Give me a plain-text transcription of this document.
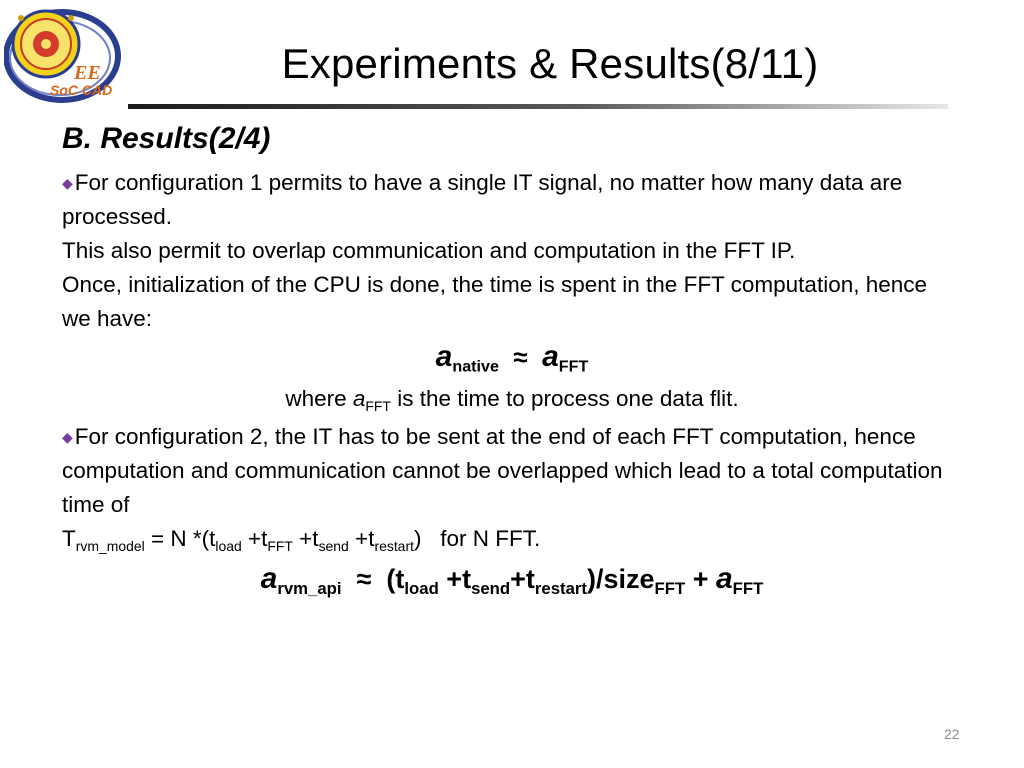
EE
SoC CAD
Experiments & Results(8/11)
B. Results(2/4)
◆For configuration 1 permits to have a single IT signal, no matter how many data are processed.
This also permit to overlap communication and computation in the FFT IP.
Once, initialization of the CPU is done, the time is spent in the FFT computation, hence we have:
$a_{native} \approx a_{FFT}$
where $a_{FFT}$ is the time to process one data flit.
◆For configuration 2, the IT has to be sent at the end of each FFT computation, hence computation and communication cannot be overlapped which lead to a total computation time of
$T_{rvm\_model} = N$ $*(t_{load} +t_{FFT} +t_{send} +t_{restart})$ for N FFT.
$a_{rvm\_api} \approx (t_{load}$ $+t_{send}+t_{restart})/size_{FFT} + a_{FFT}$
22
